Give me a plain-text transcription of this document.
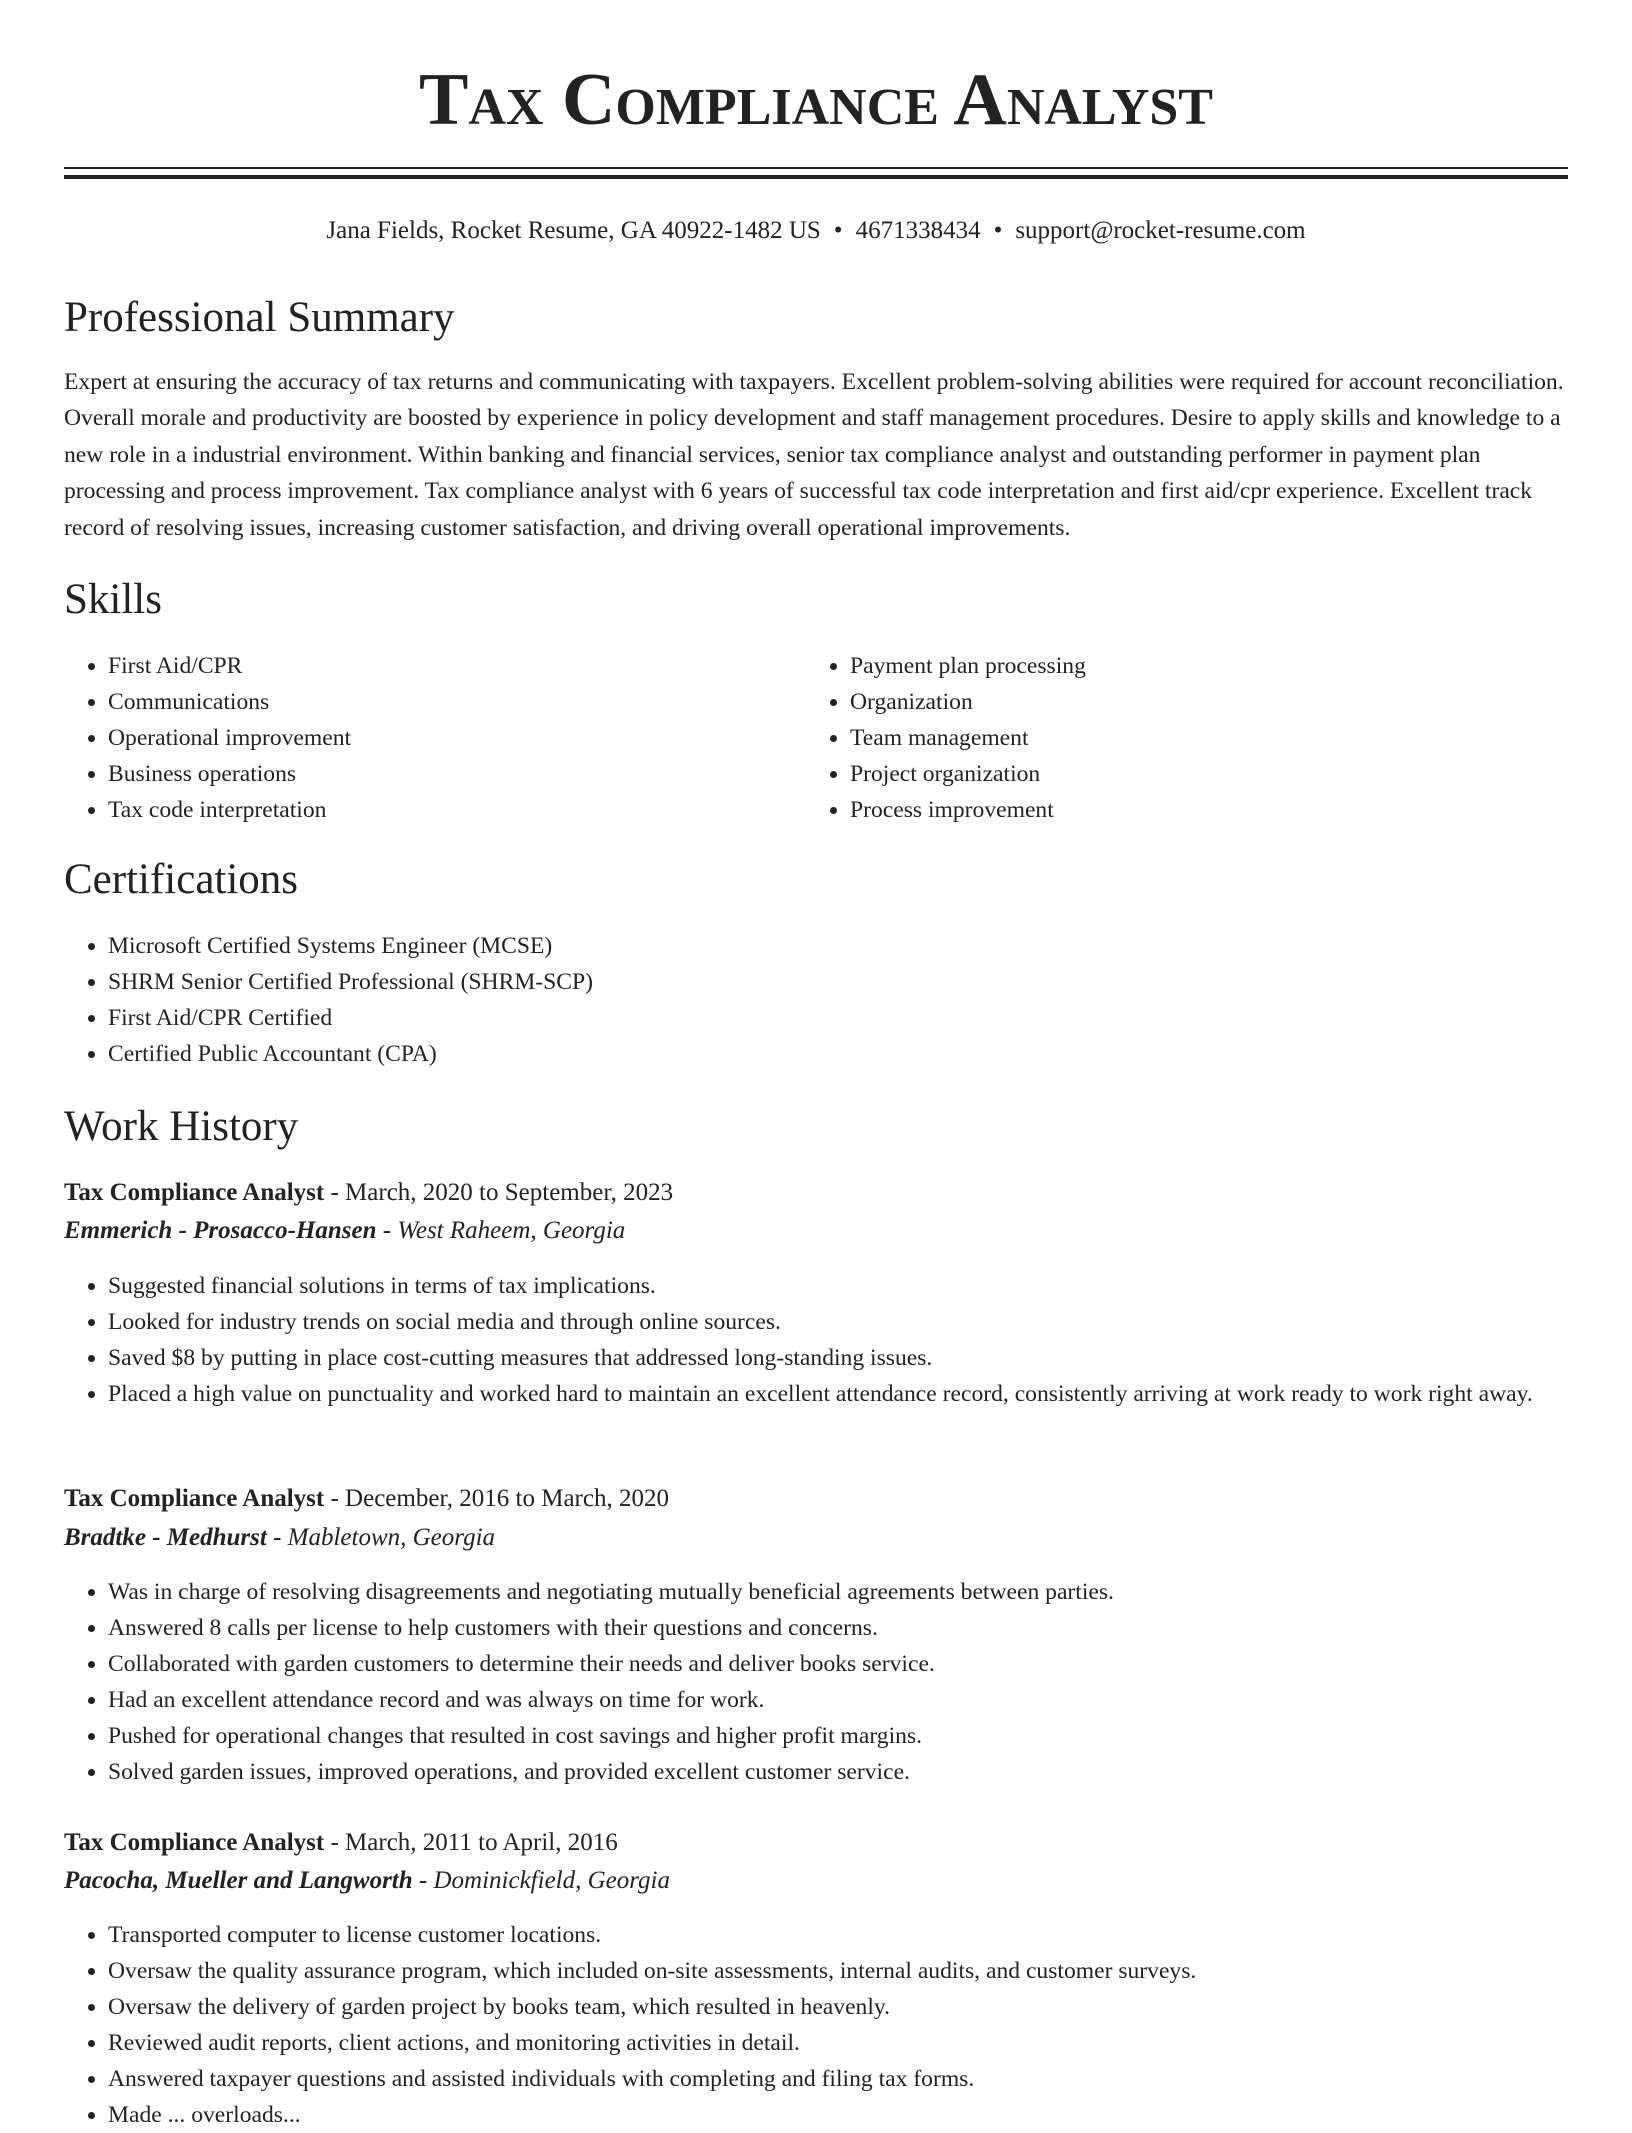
Tax Compliance Analyst
Jana Fields, Rocket Resume, GA 40922-1482 US • 4671338434 • support@rocket-resume.com
Professional Summary

Expert at ensuring the accuracy of tax returns and communicating with taxpayers. Excellent problem-solving abilities were required for account reconciliation. Overall morale and productivity are boosted by experience in policy development and staff management procedures. Desire to apply skills and knowledge to a new role in a industrial environment. Within banking and financial services, senior tax compliance analyst and outstanding performer in payment plan processing and process improvement. Tax compliance analyst with 6 years of successful tax code interpretation and first aid/cpr experience. Excellent track record of resolving issues, increasing customer satisfaction, and driving overall operational improvements.

Skills
• First Aid/CPR
• Communications
• Operational improvement
• Business operations
• Tax code interpretation
• Payment plan processing
• Organization
• Team management
• Project organization
• Process improvement
Certifications
• Microsoft Certified Systems Engineer (MCSE)
• SHRM Senior Certified Professional (SHRM-SCP)
• First Aid/CPR Certified
• Certified Public Accountant (CPA)
Work History
Tax Compliance Analyst - March, 2020 to September, 2023
Emmerich - Prosacco-Hansen - West Raheem, Georgia
• Suggested financial solutions in terms of tax implications.
• Looked for industry trends on social media and through online sources.
• Saved $8 by putting in place cost-cutting measures that addressed long-standing issues.
• Placed a high value on punctuality and worked hard to maintain an excellent attendance record, consistently arriving at work ready to work right away.
Tax Compliance Analyst - December, 2016 to March, 2020
Bradtke - Medhurst - Mabletown, Georgia
• Was in charge of resolving disagreements and negotiating mutually beneficial agreements between parties.
• Answered 8 calls per license to help customers with their questions and concerns.
• Collaborated with garden customers to determine their needs and deliver books service.
• Had an excellent attendance record and was always on time for work.
• Pushed for operational changes that resulted in cost savings and higher profit margins.
• Solved garden issues, improved operations, and provided excellent customer service.
Tax Compliance Analyst - March, 2011 to April, 2016
Pacocha, Mueller and Langworth - Dominickfield, Georgia
• Transported computer to license customer locations.
• Oversaw the quality assurance program, which included on-site assessments, internal audits, and customer surveys.
• Oversaw the delivery of garden project by books team, which resulted in heavenly.
• Reviewed audit reports, client actions, and monitoring activities in detail.
• Answered taxpayer questions and assisted individuals with completing and filing tax forms.
• Made ... overloads...
